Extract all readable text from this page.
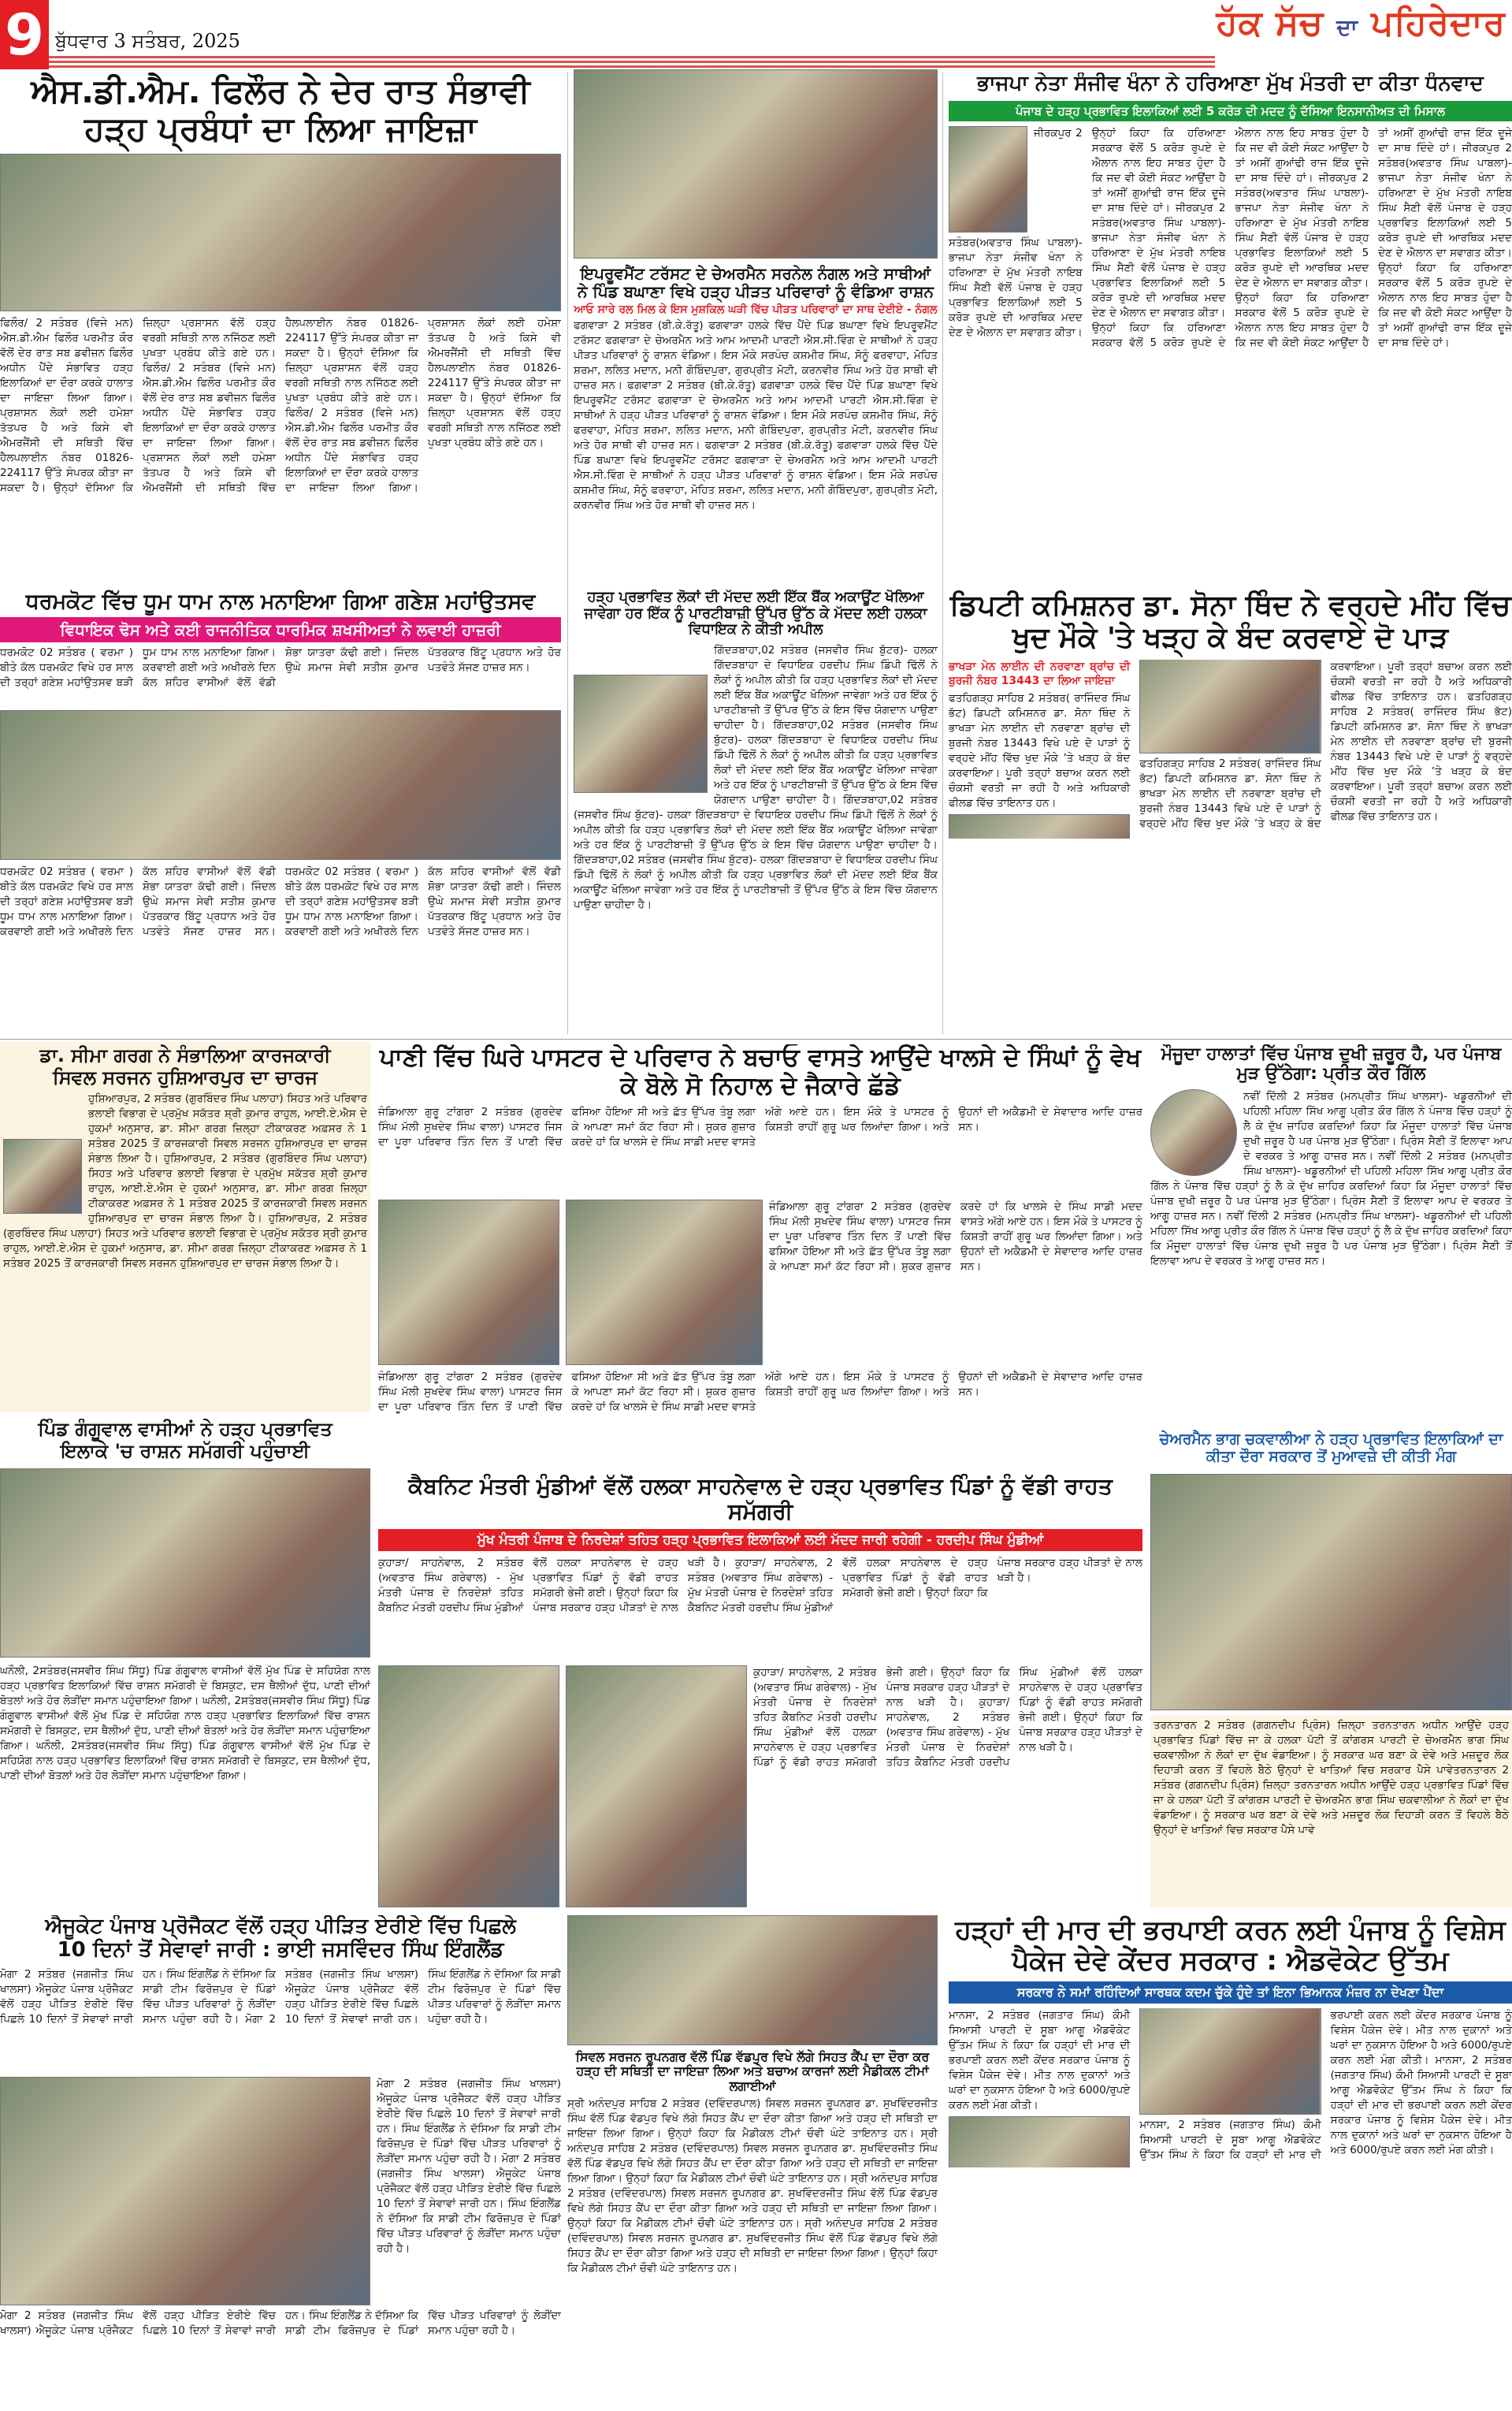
9 ਬੁੱਧਵਾਰ 3 ਸਤੰਬਰ, 2025	ਹੱਕ ਸੱਚ ਦਾ ਪਹਿਰੇਦਾਰ
ਐਸ.ਡੀ.ਐਮ. ਫਿਲੌਰ ਨੇ ਦੇਰ ਰਾਤ ਸੰਭਾਵੀ ਹੜ੍ਹ ਪ੍ਰਬੰਧਾਂ ਦਾ ਲਿਆ ਜਾਇਜ਼ਾ
ਫਿਲੌਰ/ 2 ਸਤੰਬਰ (ਵਿਜੇ ਮਨ) ਐਸ.ਡੀ.ਐਮ ਫਿਲੌਰ ਪਰਮੀਤ ਕੌਰ ਵੱਲੋਂ ਦੇਰ ਰਾਤ ਸਬ ਡਵੀਜ਼ਨ ਫਿਲੌਰ ਅਧੀਨ ਪੈਂਦੇ ਸੰਭਾਵਿਤ ਹੜ੍ਹ ਇਲਾਕਿਆਂ ਦਾ ਦੌਰਾ ਕਰਕੇ ਹਾਲਾਤ ਦਾ ਜਾਇਜ਼ਾ ਲਿਆ ਗਿਆ। ਪ੍ਰਸ਼ਾਸਨ ਲੋਕਾਂ ਲਈ ਹਮੇਸ਼ਾ ਤੱਤਪਰ ਹੈ ਅਤੇ ਕਿਸੇ ਵੀ ਐਮਰਜੈਂਸੀ ਦੀ ਸਥਿਤੀ ਵਿੱਚ ਹੈਲਪਲਾਈਨ ਨੰਬਰ 01826-224117 ਉੱਤੇ ਸੰਪਰਕ ਕੀਤਾ ਜਾ ਸਕਦਾ ਹੈ। ਉਨ੍ਹਾਂ ਦੱਸਿਆ ਕਿ ਜ਼ਿਲ੍ਹਾ ਪ੍ਰਸ਼ਾਸਨ ਵੱਲੋਂ ਹੜ੍ਹ ਵਰਗੀ ਸਥਿਤੀ ਨਾਲ ਨਜਿੱਠਣ ਲਈ ਪੁਖਤਾ ਪ੍ਰਬੰਧ ਕੀਤੇ ਗਏ ਹਨ। ਫਿਲੌਰ/ 2 ਸਤੰਬਰ (ਵਿਜੇ ਮਨ) ਐਸ.ਡੀ.ਐਮ ਫਿਲੌਰ ਪਰਮੀਤ ਕੌਰ ਵੱਲੋਂ ਦੇਰ ਰਾਤ ਸਬ ਡਵੀਜ਼ਨ ਫਿਲੌਰ ਅਧੀਨ ਪੈਂਦੇ ਸੰਭਾਵਿਤ ਹੜ੍ਹ ਇਲਾਕਿਆਂ ਦਾ ਦੌਰਾ ਕਰਕੇ ਹਾਲਾਤ ਦਾ ਜਾਇਜ਼ਾ ਲਿਆ ਗਿਆ। ਪ੍ਰਸ਼ਾਸਨ ਲੋਕਾਂ ਲਈ ਹਮੇਸ਼ਾ ਤੱਤਪਰ ਹੈ ਅਤੇ ਕਿਸੇ ਵੀ ਐਮਰਜੈਂਸੀ ਦੀ ਸਥਿਤੀ ਵਿੱਚ ਹੈਲਪਲਾਈਨ ਨੰਬਰ 01826-224117 ਉੱਤੇ ਸੰਪਰਕ ਕੀਤਾ ਜਾ ਸਕਦਾ ਹੈ। ਉਨ੍ਹਾਂ ਦੱਸਿਆ ਕਿ ਜ਼ਿਲ੍ਹਾ ਪ੍ਰਸ਼ਾਸਨ ਵੱਲੋਂ ਹੜ੍ਹ ਵਰਗੀ ਸਥਿਤੀ ਨਾਲ ਨਜਿੱਠਣ ਲਈ ਪੁਖਤਾ ਪ੍ਰਬੰਧ ਕੀਤੇ ਗਏ ਹਨ। ਫਿਲੌਰ/ 2 ਸਤੰਬਰ (ਵਿਜੇ ਮਨ) ਐਸ.ਡੀ.ਐਮ ਫਿਲੌਰ ਪਰਮੀਤ ਕੌਰ ਵੱਲੋਂ ਦੇਰ ਰਾਤ ਸਬ ਡਵੀਜ਼ਨ ਫਿਲੌਰ ਅਧੀਨ ਪੈਂਦੇ ਸੰਭਾਵਿਤ ਹੜ੍ਹ ਇਲਾਕਿਆਂ ਦਾ ਦੌਰਾ ਕਰਕੇ ਹਾਲਾਤ ਦਾ ਜਾਇਜ਼ਾ ਲਿਆ ਗਿਆ। ਪ੍ਰਸ਼ਾਸਨ ਲੋਕਾਂ ਲਈ ਹਮੇਸ਼ਾ ਤੱਤਪਰ ਹੈ ਅਤੇ ਕਿਸੇ ਵੀ ਐਮਰਜੈਂਸੀ ਦੀ ਸਥਿਤੀ ਵਿੱਚ ਹੈਲਪਲਾਈਨ ਨੰਬਰ 01826-224117 ਉੱਤੇ ਸੰਪਰਕ ਕੀਤਾ ਜਾ ਸਕਦਾ ਹੈ। ਉਨ੍ਹਾਂ ਦੱਸਿਆ ਕਿ ਜ਼ਿਲ੍ਹਾ ਪ੍ਰਸ਼ਾਸਨ ਵੱਲੋਂ ਹੜ੍ਹ ਵਰਗੀ ਸਥਿਤੀ ਨਾਲ ਨਜਿੱਠਣ ਲਈ ਪੁਖਤਾ ਪ੍ਰਬੰਧ ਕੀਤੇ ਗਏ ਹਨ।
ਇਪਰੂਵਮੈਂਟ ਟਰੱਸਟ ਦੇ ਚੇਅਰਮੈਨ ਸਰਨੇਲ ਨੰਗਲ ਅਤੇ ਸਾਥੀਆਂ ਨੇ ਪਿੰਡ ਬਘਾਣਾ ਵਿਖੇ ਹੜ੍ਹ ਪੀੜਤ ਪਰਿਵਾਰਾਂ ਨੂੰ ਵੰਡਿਆ ਰਾਸ਼ਨ
ਆਓ ਸਾਰੇ ਰਲ ਮਿਲ ਕੇ ਇਸ ਮੁਸ਼ਕਿਲ ਘੜੀ ਵਿੱਚ ਪੀੜਤ ਪਰਿਵਾਰਾਂ ਦਾ ਸਾਥ ਦੇਈਏ - ਨੰਗਲ
ਫਗਵਾੜਾ 2 ਸਤੰਬਰ (ਬੀ.ਕੇ.ਰੱਤੂ) ਫਗਵਾੜਾ ਹਲਕੇ ਵਿੱਚ ਪੈਂਦੇ ਪਿੰਡ ਬਘਾਣਾ ਵਿਖੇ ਇਪਰੂਵਮੈਂਟ ਟਰੱਸਟ ਫਗਵਾੜਾ ਦੇ ਚੇਅਰਮੈਨ ਅਤੇ ਆਮ ਆਦਮੀ ਪਾਰਟੀ ਐਸ.ਸੀ.ਵਿੰਗ ਦੇ ਸਾਥੀਆਂ ਨੇ ਹੜ੍ਹ ਪੀੜਤ ਪਰਿਵਾਰਾਂ ਨੂੰ ਰਾਸ਼ਨ ਵੰਡਿਆ। ਇਸ ਮੌਕੇ ਸਰਪੰਚ ਕਸ਼ਮੀਰ ਸਿੰਘ, ਸੋਨੂੰ ਫਰਵਾਹਾ, ਮੋਹਿਤ ਸ਼ਰਮਾ, ਲਲਿਤ ਮਦਾਨ, ਮਨੀ ਗੋਬਿੰਦਪੁਰਾ, ਗੁਰਪ੍ਰੀਤ ਮੋਟੀ, ਕਰਨਵੀਰ ਸਿੰਘ ਅਤੇ ਹੋਰ ਸਾਥੀ ਵੀ ਹਾਜ਼ਰ ਸਨ। ਫਗਵਾੜਾ 2 ਸਤੰਬਰ (ਬੀ.ਕੇ.ਰੱਤੂ) ਫਗਵਾੜਾ ਹਲਕੇ ਵਿੱਚ ਪੈਂਦੇ ਪਿੰਡ ਬਘਾਣਾ ਵਿਖੇ ਇਪਰੂਵਮੈਂਟ ਟਰੱਸਟ ਫਗਵਾੜਾ ਦੇ ਚੇਅਰਮੈਨ ਅਤੇ ਆਮ ਆਦਮੀ ਪਾਰਟੀ ਐਸ.ਸੀ.ਵਿੰਗ ਦੇ ਸਾਥੀਆਂ ਨੇ ਹੜ੍ਹ ਪੀੜਤ ਪਰਿਵਾਰਾਂ ਨੂੰ ਰਾਸ਼ਨ ਵੰਡਿਆ। ਇਸ ਮੌਕੇ ਸਰਪੰਚ ਕਸ਼ਮੀਰ ਸਿੰਘ, ਸੋਨੂੰ ਫਰਵਾਹਾ, ਮੋਹਿਤ ਸ਼ਰਮਾ, ਲਲਿਤ ਮਦਾਨ, ਮਨੀ ਗੋਬਿੰਦਪੁਰਾ, ਗੁਰਪ੍ਰੀਤ ਮੋਟੀ, ਕਰਨਵੀਰ ਸਿੰਘ ਅਤੇ ਹੋਰ ਸਾਥੀ ਵੀ ਹਾਜ਼ਰ ਸਨ। ਫਗਵਾੜਾ 2 ਸਤੰਬਰ (ਬੀ.ਕੇ.ਰੱਤੂ) ਫਗਵਾੜਾ ਹਲਕੇ ਵਿੱਚ ਪੈਂਦੇ ਪਿੰਡ ਬਘਾਣਾ ਵਿਖੇ ਇਪਰੂਵਮੈਂਟ ਟਰੱਸਟ ਫਗਵਾੜਾ ਦੇ ਚੇਅਰਮੈਨ ਅਤੇ ਆਮ ਆਦਮੀ ਪਾਰਟੀ ਐਸ.ਸੀ.ਵਿੰਗ ਦੇ ਸਾਥੀਆਂ ਨੇ ਹੜ੍ਹ ਪੀੜਤ ਪਰਿਵਾਰਾਂ ਨੂੰ ਰਾਸ਼ਨ ਵੰਡਿਆ। ਇਸ ਮੌਕੇ ਸਰਪੰਚ ਕਸ਼ਮੀਰ ਸਿੰਘ, ਸੋਨੂੰ ਫਰਵਾਹਾ, ਮੋਹਿਤ ਸ਼ਰਮਾ, ਲਲਿਤ ਮਦਾਨ, ਮਨੀ ਗੋਬਿੰਦਪੁਰਾ, ਗੁਰਪ੍ਰੀਤ ਮੋਟੀ, ਕਰਨਵੀਰ ਸਿੰਘ ਅਤੇ ਹੋਰ ਸਾਥੀ ਵੀ ਹਾਜ਼ਰ ਸਨ।
ਭਾਜਪਾ ਨੇਤਾ ਸੰਜੀਵ ਖੰਨਾ ਨੇ ਹਰਿਆਣਾ ਮੁੱਖ ਮੰਤਰੀ ਦਾ ਕੀਤਾ ਧੰਨਵਾਦ
ਪੰਜਾਬ ਦੇ ਹੜ੍ਹ ਪ੍ਰਭਾਵਿਤ ਇਲਾਕਿਆਂ ਲਈ 5 ਕਰੋੜ ਦੀ ਮਦਦ ਨੂੰ ਦੱਸਿਆ ਇਨਸਾਨੀਅਤ ਦੀ ਮਿਸਾਲ
ਜੀਰਕਪੁਰ 2 ਸਤੰਬਰ(ਅਵਤਾਰ ਸਿੰਘ ਪਾਬਲਾ)- ਭਾਜਪਾ ਨੇਤਾ ਸੰਜੀਵ ਖੰਨਾ ਨੇ ਹਰਿਆਣਾ ਦੇ ਮੁੱਖ ਮੰਤਰੀ ਨਾਇਬ ਸਿੰਘ ਸੈਣੀ ਵੱਲੋਂ ਪੰਜਾਬ ਦੇ ਹੜ੍ਹ ਪ੍ਰਭਾਵਿਤ ਇਲਾਕਿਆਂ ਲਈ 5 ਕਰੋੜ ਰੁਪਏ ਦੀ ਆਰਥਿਕ ਮਦਦ ਦੇਣ ਦੇ ਐਲਾਨ ਦਾ ਸਵਾਗਤ ਕੀਤਾ। ਉਨ੍ਹਾਂ ਕਿਹਾ ਕਿ ਹਰਿਆਣਾ ਸਰਕਾਰ ਵੱਲੋਂ 5 ਕਰੋੜ ਰੁਪਏ ਦੇ ਐਲਾਨ ਨਾਲ ਇਹ ਸਾਬਤ ਹੁੰਦਾ ਹੈ ਕਿ ਜਦ ਵੀ ਕੋਈ ਸੰਕਟ ਆਉਂਦਾ ਹੈ ਤਾਂ ਅਸੀਂ ਗੁਆਂਢੀ ਰਾਜ ਇੱਕ ਦੂਜੇ ਦਾ ਸਾਥ ਦਿੰਦੇ ਹਾਂ। ਜੀਰਕਪੁਰ 2 ਸਤੰਬਰ(ਅਵਤਾਰ ਸਿੰਘ ਪਾਬਲਾ)- ਭਾਜਪਾ ਨੇਤਾ ਸੰਜੀਵ ਖੰਨਾ ਨੇ ਹਰਿਆਣਾ ਦੇ ਮੁੱਖ ਮੰਤਰੀ ਨਾਇਬ ਸਿੰਘ ਸੈਣੀ ਵੱਲੋਂ ਪੰਜਾਬ ਦੇ ਹੜ੍ਹ ਪ੍ਰਭਾਵਿਤ ਇਲਾਕਿਆਂ ਲਈ 5 ਕਰੋੜ ਰੁਪਏ ਦੀ ਆਰਥਿਕ ਮਦਦ ਦੇਣ ਦੇ ਐਲਾਨ ਦਾ ਸਵਾਗਤ ਕੀਤਾ। ਉਨ੍ਹਾਂ ਕਿਹਾ ਕਿ ਹਰਿਆਣਾ ਸਰਕਾਰ ਵੱਲੋਂ 5 ਕਰੋੜ ਰੁਪਏ ਦੇ ਐਲਾਨ ਨਾਲ ਇਹ ਸਾਬਤ ਹੁੰਦਾ ਹੈ ਕਿ ਜਦ ਵੀ ਕੋਈ ਸੰਕਟ ਆਉਂਦਾ ਹੈ ਤਾਂ ਅਸੀਂ ਗੁਆਂਢੀ ਰਾਜ ਇੱਕ ਦੂਜੇ ਦਾ ਸਾਥ ਦਿੰਦੇ ਹਾਂ। ਜੀਰਕਪੁਰ 2 ਸਤੰਬਰ(ਅਵਤਾਰ ਸਿੰਘ ਪਾਬਲਾ)- ਭਾਜਪਾ ਨੇਤਾ ਸੰਜੀਵ ਖੰਨਾ ਨੇ ਹਰਿਆਣਾ ਦੇ ਮੁੱਖ ਮੰਤਰੀ ਨਾਇਬ ਸਿੰਘ ਸੈਣੀ ਵੱਲੋਂ ਪੰਜਾਬ ਦੇ ਹੜ੍ਹ ਪ੍ਰਭਾਵਿਤ ਇਲਾਕਿਆਂ ਲਈ 5 ਕਰੋੜ ਰੁਪਏ ਦੀ ਆਰਥਿਕ ਮਦਦ ਦੇਣ ਦੇ ਐਲਾਨ ਦਾ ਸਵਾਗਤ ਕੀਤਾ। ਉਨ੍ਹਾਂ ਕਿਹਾ ਕਿ ਹਰਿਆਣਾ ਸਰਕਾਰ ਵੱਲੋਂ 5 ਕਰੋੜ ਰੁਪਏ ਦੇ ਐਲਾਨ ਨਾਲ ਇਹ ਸਾਬਤ ਹੁੰਦਾ ਹੈ ਕਿ ਜਦ ਵੀ ਕੋਈ ਸੰਕਟ ਆਉਂਦਾ ਹੈ ਤਾਂ ਅਸੀਂ ਗੁਆਂਢੀ ਰਾਜ ਇੱਕ ਦੂਜੇ ਦਾ ਸਾਥ ਦਿੰਦੇ ਹਾਂ। ਜੀਰਕਪੁਰ 2 ਸਤੰਬਰ(ਅਵਤਾਰ ਸਿੰਘ ਪਾਬਲਾ)- ਭਾਜਪਾ ਨੇਤਾ ਸੰਜੀਵ ਖੰਨਾ ਨੇ ਹਰਿਆਣਾ ਦੇ ਮੁੱਖ ਮੰਤਰੀ ਨਾਇਬ ਸਿੰਘ ਸੈਣੀ ਵੱਲੋਂ ਪੰਜਾਬ ਦੇ ਹੜ੍ਹ ਪ੍ਰਭਾਵਿਤ ਇਲਾਕਿਆਂ ਲਈ 5 ਕਰੋੜ ਰੁਪਏ ਦੀ ਆਰਥਿਕ ਮਦਦ ਦੇਣ ਦੇ ਐਲਾਨ ਦਾ ਸਵਾਗਤ ਕੀਤਾ। ਉਨ੍ਹਾਂ ਕਿਹਾ ਕਿ ਹਰਿਆਣਾ ਸਰਕਾਰ ਵੱਲੋਂ 5 ਕਰੋੜ ਰੁਪਏ ਦੇ ਐਲਾਨ ਨਾਲ ਇਹ ਸਾਬਤ ਹੁੰਦਾ ਹੈ ਕਿ ਜਦ ਵੀ ਕੋਈ ਸੰਕਟ ਆਉਂਦਾ ਹੈ ਤਾਂ ਅਸੀਂ ਗੁਆਂਢੀ ਰਾਜ ਇੱਕ ਦੂਜੇ ਦਾ ਸਾਥ ਦਿੰਦੇ ਹਾਂ।
ਧਰਮਕੋਟ ਵਿੱਚ ਧੂਮ ਧਾਮ ਨਾਲ ਮਨਾਇਆ ਗਿਆ ਗਣੇਸ਼ ਮਹਾਂਉਤਸਵ
ਵਿਧਾਇਕ ਢੋਸ ਅਤੇ ਕਈ ਰਾਜਨੀਤਿਕ ਧਾਰਮਿਕ ਸ਼ਖਸੀਅਤਾਂ ਨੇ ਲਵਾਈ ਹਾਜ਼ਰੀ
ਧਰਮਕੋਟ 02 ਸਤੰਬਰ ( ਵਰਮਾ ) ਬੀਤੇ ਕੱਲ ਧਰਮਕੋਟ ਵਿਖੇ ਹਰ ਸਾਲ ਦੀ ਤਰ੍ਹਾਂ ਗਣੇਸ਼ ਮਹਾਂਉਤਸਵ ਬੜੀ ਧੂਮ ਧਾਮ ਨਾਲ ਮਨਾਇਆ ਗਿਆ। ਕਰਵਾਈ ਗਈ ਅਤੇ ਅਖੀਰਲੇ ਦਿਨ ਕੱਲ ਸ਼ਹਿਰ ਵਾਸੀਆਂ ਵੱਲੋਂ ਵੱਡੀ ਸ਼ੋਭਾ ਯਾਤਰਾ ਕੱਢੀ ਗਈ। ਜਿੰਦਲ ਉਘੇ ਸਮਾਜ ਸੇਵੀ ਸਤੀਸ਼ ਕੁਮਾਰ ਪੱਤਰਕਾਰ ਬਿੱਟੂ ਪ੍ਰਧਾਨ ਅਤੇ ਹੋਰ ਪਤਵੰਤੇ ਸੱਜਣ ਹਾਜ਼ਰ ਸਨ।
ਧਰਮਕੋਟ 02 ਸਤੰਬਰ ( ਵਰਮਾ ) ਬੀਤੇ ਕੱਲ ਧਰਮਕੋਟ ਵਿਖੇ ਹਰ ਸਾਲ ਦੀ ਤਰ੍ਹਾਂ ਗਣੇਸ਼ ਮਹਾਂਉਤਸਵ ਬੜੀ ਧੂਮ ਧਾਮ ਨਾਲ ਮਨਾਇਆ ਗਿਆ। ਕਰਵਾਈ ਗਈ ਅਤੇ ਅਖੀਰਲੇ ਦਿਨ ਕੱਲ ਸ਼ਹਿਰ ਵਾਸੀਆਂ ਵੱਲੋਂ ਵੱਡੀ ਸ਼ੋਭਾ ਯਾਤਰਾ ਕੱਢੀ ਗਈ। ਜਿੰਦਲ ਉਘੇ ਸਮਾਜ ਸੇਵੀ ਸਤੀਸ਼ ਕੁਮਾਰ ਪੱਤਰਕਾਰ ਬਿੱਟੂ ਪ੍ਰਧਾਨ ਅਤੇ ਹੋਰ ਪਤਵੰਤੇ ਸੱਜਣ ਹਾਜ਼ਰ ਸਨ। ਧਰਮਕੋਟ 02 ਸਤੰਬਰ ( ਵਰਮਾ ) ਬੀਤੇ ਕੱਲ ਧਰਮਕੋਟ ਵਿਖੇ ਹਰ ਸਾਲ ਦੀ ਤਰ੍ਹਾਂ ਗਣੇਸ਼ ਮਹਾਂਉਤਸਵ ਬੜੀ ਧੂਮ ਧਾਮ ਨਾਲ ਮਨਾਇਆ ਗਿਆ। ਕਰਵਾਈ ਗਈ ਅਤੇ ਅਖੀਰਲੇ ਦਿਨ ਕੱਲ ਸ਼ਹਿਰ ਵਾਸੀਆਂ ਵੱਲੋਂ ਵੱਡੀ ਸ਼ੋਭਾ ਯਾਤਰਾ ਕੱਢੀ ਗਈ। ਜਿੰਦਲ ਉਘੇ ਸਮਾਜ ਸੇਵੀ ਸਤੀਸ਼ ਕੁਮਾਰ ਪੱਤਰਕਾਰ ਬਿੱਟੂ ਪ੍ਰਧਾਨ ਅਤੇ ਹੋਰ ਪਤਵੰਤੇ ਸੱਜਣ ਹਾਜ਼ਰ ਸਨ।
ਹੜ੍ਹ ਪ੍ਰਭਾਵਿਤ ਲੋਕਾਂ ਦੀ ਮੱਦਦ ਲਈ ਇੱਕ ਬੈਂਕ ਅਕਾਊਂਟ ਖੋਲਿਆ ਜਾਵੇਗਾ ਹਰ ਇੱਕ ਨੂੰ ਪਾਰਟੀਬਾਜ਼ੀ ਉੱਪਰ ਉੱਠ ਕੇ ਮੱਦਦ ਲਈ ਹਲਕਾ ਵਿਧਾਇਕ ਨੇ ਕੀਤੀ ਅਪੀਲ
ਗਿੱਦੜਬਾਹਾ,02 ਸਤੰਬਰ (ਜਸਵੀਰ ਸਿੰਘ ਬੁੱਟਰ)- ਹਲਕਾ ਗਿੱਦੜਬਾਹਾ ਦੇ ਵਿਧਾਇਕ ਹਰਦੀਪ ਸਿੰਘ ਡਿੰਪੀ ਢਿੱਲੋਂ ਨੇ ਲੋਕਾਂ ਨੂੰ ਅਪੀਲ ਕੀਤੀ ਕਿ ਹੜ੍ਹ ਪ੍ਰਭਾਵਿਤ ਲੋਕਾਂ ਦੀ ਮੱਦਦ ਲਈ ਇੱਕ ਬੈਂਕ ਅਕਾਊਂਟ ਖੋਲਿਆ ਜਾਵੇਗਾ ਅਤੇ ਹਰ ਇੱਕ ਨੂੰ ਪਾਰਟੀਬਾਜ਼ੀ ਤੋਂ ਉੱਪਰ ਉੱਠ ਕੇ ਇਸ ਵਿੱਚ ਯੋਗਦਾਨ ਪਾਉਣਾ ਚਾਹੀਦਾ ਹੈ। ਗਿੱਦੜਬਾਹਾ,02 ਸਤੰਬਰ (ਜਸਵੀਰ ਸਿੰਘ ਬੁੱਟਰ)- ਹਲਕਾ ਗਿੱਦੜਬਾਹਾ ਦੇ ਵਿਧਾਇਕ ਹਰਦੀਪ ਸਿੰਘ ਡਿੰਪੀ ਢਿੱਲੋਂ ਨੇ ਲੋਕਾਂ ਨੂੰ ਅਪੀਲ ਕੀਤੀ ਕਿ ਹੜ੍ਹ ਪ੍ਰਭਾਵਿਤ ਲੋਕਾਂ ਦੀ ਮੱਦਦ ਲਈ ਇੱਕ ਬੈਂਕ ਅਕਾਊਂਟ ਖੋਲਿਆ ਜਾਵੇਗਾ ਅਤੇ ਹਰ ਇੱਕ ਨੂੰ ਪਾਰਟੀਬਾਜ਼ੀ ਤੋਂ ਉੱਪਰ ਉੱਠ ਕੇ ਇਸ ਵਿੱਚ ਯੋਗਦਾਨ ਪਾਉਣਾ ਚਾਹੀਦਾ ਹੈ। ਗਿੱਦੜਬਾਹਾ,02 ਸਤੰਬਰ (ਜਸਵੀਰ ਸਿੰਘ ਬੁੱਟਰ)- ਹਲਕਾ ਗਿੱਦੜਬਾਹਾ ਦੇ ਵਿਧਾਇਕ ਹਰਦੀਪ ਸਿੰਘ ਡਿੰਪੀ ਢਿੱਲੋਂ ਨੇ ਲੋਕਾਂ ਨੂੰ ਅਪੀਲ ਕੀਤੀ ਕਿ ਹੜ੍ਹ ਪ੍ਰਭਾਵਿਤ ਲੋਕਾਂ ਦੀ ਮੱਦਦ ਲਈ ਇੱਕ ਬੈਂਕ ਅਕਾਊਂਟ ਖੋਲਿਆ ਜਾਵੇਗਾ ਅਤੇ ਹਰ ਇੱਕ ਨੂੰ ਪਾਰਟੀਬਾਜ਼ੀ ਤੋਂ ਉੱਪਰ ਉੱਠ ਕੇ ਇਸ ਵਿੱਚ ਯੋਗਦਾਨ ਪਾਉਣਾ ਚਾਹੀਦਾ ਹੈ। ਗਿੱਦੜਬਾਹਾ,02 ਸਤੰਬਰ (ਜਸਵੀਰ ਸਿੰਘ ਬੁੱਟਰ)- ਹਲਕਾ ਗਿੱਦੜਬਾਹਾ ਦੇ ਵਿਧਾਇਕ ਹਰਦੀਪ ਸਿੰਘ ਡਿੰਪੀ ਢਿੱਲੋਂ ਨੇ ਲੋਕਾਂ ਨੂੰ ਅਪੀਲ ਕੀਤੀ ਕਿ ਹੜ੍ਹ ਪ੍ਰਭਾਵਿਤ ਲੋਕਾਂ ਦੀ ਮੱਦਦ ਲਈ ਇੱਕ ਬੈਂਕ ਅਕਾਊਂਟ ਖੋਲਿਆ ਜਾਵੇਗਾ ਅਤੇ ਹਰ ਇੱਕ ਨੂੰ ਪਾਰਟੀਬਾਜ਼ੀ ਤੋਂ ਉੱਪਰ ਉੱਠ ਕੇ ਇਸ ਵਿੱਚ ਯੋਗਦਾਨ ਪਾਉਣਾ ਚਾਹੀਦਾ ਹੈ।
ਡਿਪਟੀ ਕਮਿਸ਼ਨਰ ਡਾ. ਸੋਨਾ ਥਿੰਦ ਨੇ ਵਰ੍ਹਦੇ ਮੀਂਹ ਵਿੱਚ ਖੁਦ ਮੌਕੇ 'ਤੇ ਖੜ੍ਹ ਕੇ ਬੰਦ ਕਰਵਾਏ ਦੋ ਪਾੜ
ਭਾਖੜਾ ਮੇਨ ਲਾਈਨ ਦੀ ਨਰਵਾਣਾ ਬ੍ਰਾਂਚ ਦੀ ਬੁਰਜੀ ਨੰਬਰ 13443 ਦਾ ਲਿਆ ਜਾਇਜ਼ਾ
ਫਤਹਿਗੜ੍ਹ ਸਾਹਿਬ 2 ਸਤੰਬਰ( ਰਾਜਿੰਦਰ ਸਿੰਘ ਭੱਟ) ਡਿਪਟੀ ਕਮਿਸ਼ਨਰ ਡਾ. ਸੋਨਾ ਥਿੰਦ ਨੇ ਭਾਖੜਾ ਮੇਨ ਲਾਈਨ ਦੀ ਨਰਵਾਣਾ ਬ੍ਰਾਂਚ ਦੀ ਬੁਰਜੀ ਨੰਬਰ 13443 ਵਿਖੇ ਪਏ ਦੋ ਪਾੜਾਂ ਨੂੰ ਵਰ੍ਹਦੇ ਮੀਂਹ ਵਿੱਚ ਖੁਦ ਮੌਕੇ ’ਤੇ ਖੜ੍ਹ ਕੇ ਬੰਦ ਕਰਵਾਇਆ। ਪੂਰੀ ਤਰ੍ਹਾਂ ਬਚਾਅ ਕਰਨ ਲਈ ਚੌਕਸੀ ਵਰਤੀ ਜਾ ਰਹੀ ਹੈ ਅਤੇ ਅਧਿਕਾਰੀ ਫੀਲਡ ਵਿੱਚ ਤਾਇਨਾਤ ਹਨ।
ਫਤਹਿਗੜ੍ਹ ਸਾਹਿਬ 2 ਸਤੰਬਰ( ਰਾਜਿੰਦਰ ਸਿੰਘ ਭੱਟ) ਡਿਪਟੀ ਕਮਿਸ਼ਨਰ ਡਾ. ਸੋਨਾ ਥਿੰਦ ਨੇ ਭਾਖੜਾ ਮੇਨ ਲਾਈਨ ਦੀ ਨਰਵਾਣਾ ਬ੍ਰਾਂਚ ਦੀ ਬੁਰਜੀ ਨੰਬਰ 13443 ਵਿਖੇ ਪਏ ਦੋ ਪਾੜਾਂ ਨੂੰ ਵਰ੍ਹਦੇ ਮੀਂਹ ਵਿੱਚ ਖੁਦ ਮੌਕੇ ’ਤੇ ਖੜ੍ਹ ਕੇ ਬੰਦ ਕਰਵਾਇਆ। ਪੂਰੀ ਤਰ੍ਹਾਂ ਬਚਾਅ ਕਰਨ ਲਈ ਚੌਕਸੀ ਵਰਤੀ ਜਾ ਰਹੀ ਹੈ ਅਤੇ ਅਧਿਕਾਰੀ ਫੀਲਡ ਵਿੱਚ ਤਾਇਨਾਤ ਹਨ। ਫਤਹਿਗੜ੍ਹ ਸਾਹਿਬ 2 ਸਤੰਬਰ( ਰਾਜਿੰਦਰ ਸਿੰਘ ਭੱਟ) ਡਿਪਟੀ ਕਮਿਸ਼ਨਰ ਡਾ. ਸੋਨਾ ਥਿੰਦ ਨੇ ਭਾਖੜਾ ਮੇਨ ਲਾਈਨ ਦੀ ਨਰਵਾਣਾ ਬ੍ਰਾਂਚ ਦੀ ਬੁਰਜੀ ਨੰਬਰ 13443 ਵਿਖੇ ਪਏ ਦੋ ਪਾੜਾਂ ਨੂੰ ਵਰ੍ਹਦੇ ਮੀਂਹ ਵਿੱਚ ਖੁਦ ਮੌਕੇ ’ਤੇ ਖੜ੍ਹ ਕੇ ਬੰਦ ਕਰਵਾਇਆ। ਪੂਰੀ ਤਰ੍ਹਾਂ ਬਚਾਅ ਕਰਨ ਲਈ ਚੌਕਸੀ ਵਰਤੀ ਜਾ ਰਹੀ ਹੈ ਅਤੇ ਅਧਿਕਾਰੀ ਫੀਲਡ ਵਿੱਚ ਤਾਇਨਾਤ ਹਨ।
ਡਾ. ਸੀਮਾ ਗਰਗ ਨੇ ਸੰਭਾਲਿਆ ਕਾਰਜਕਾਰੀ
ਸਿਵਲ ਸਰਜਨ ਹੁਸ਼ਿਆਰਪੁਰ ਦਾ ਚਾਰਜ
ਹੁਸ਼ਿਆਰਪੁਰ, 2 ਸਤੰਬਰ (ਗੁਰਬਿੰਦਰ ਸਿੰਘ ਪਲਾਹਾ) ਸਿਹਤ ਅਤੇ ਪਰਿਵਾਰ ਭਲਾਈ ਵਿਭਾਗ ਦੇ ਪ੍ਰਮੁੱਖ ਸਕੱਤਰ ਸ਼੍ਰੀ ਕੁਮਾਰ ਰਾਹੁਲ, ਆਈ.ਏ.ਐਸ ਦੇ ਹੁਕਮਾਂ ਅਨੁਸਾਰ, ਡਾ. ਸੀਮਾ ਗਰਗ ਜ਼ਿਲ੍ਹਾ ਟੀਕਾਕਰਣ ਅਫ਼ਸਰ ਨੇ 1 ਸਤੰਬਰ 2025 ਤੋਂ ਕਾਰਜਕਾਰੀ ਸਿਵਲ ਸਰਜਨ ਹੁਸ਼ਿਆਰਪੁਰ ਦਾ ਚਾਰਜ ਸੰਭਾਲ ਲਿਆ ਹੈ। ਹੁਸ਼ਿਆਰਪੁਰ, 2 ਸਤੰਬਰ (ਗੁਰਬਿੰਦਰ ਸਿੰਘ ਪਲਾਹਾ) ਸਿਹਤ ਅਤੇ ਪਰਿਵਾਰ ਭਲਾਈ ਵਿਭਾਗ ਦੇ ਪ੍ਰਮੁੱਖ ਸਕੱਤਰ ਸ਼੍ਰੀ ਕੁਮਾਰ ਰਾਹੁਲ, ਆਈ.ਏ.ਐਸ ਦੇ ਹੁਕਮਾਂ ਅਨੁਸਾਰ, ਡਾ. ਸੀਮਾ ਗਰਗ ਜ਼ਿਲ੍ਹਾ ਟੀਕਾਕਰਣ ਅਫ਼ਸਰ ਨੇ 1 ਸਤੰਬਰ 2025 ਤੋਂ ਕਾਰਜਕਾਰੀ ਸਿਵਲ ਸਰਜਨ ਹੁਸ਼ਿਆਰਪੁਰ ਦਾ ਚਾਰਜ ਸੰਭਾਲ ਲਿਆ ਹੈ। ਹੁਸ਼ਿਆਰਪੁਰ, 2 ਸਤੰਬਰ (ਗੁਰਬਿੰਦਰ ਸਿੰਘ ਪਲਾਹਾ) ਸਿਹਤ ਅਤੇ ਪਰਿਵਾਰ ਭਲਾਈ ਵਿਭਾਗ ਦੇ ਪ੍ਰਮੁੱਖ ਸਕੱਤਰ ਸ਼੍ਰੀ ਕੁਮਾਰ ਰਾਹੁਲ, ਆਈ.ਏ.ਐਸ ਦੇ ਹੁਕਮਾਂ ਅਨੁਸਾਰ, ਡਾ. ਸੀਮਾ ਗਰਗ ਜ਼ਿਲ੍ਹਾ ਟੀਕਾਕਰਣ ਅਫ਼ਸਰ ਨੇ 1 ਸਤੰਬਰ 2025 ਤੋਂ ਕਾਰਜਕਾਰੀ ਸਿਵਲ ਸਰਜਨ ਹੁਸ਼ਿਆਰਪੁਰ ਦਾ ਚਾਰਜ ਸੰਭਾਲ ਲਿਆ ਹੈ।
ਪਾਣੀ ਵਿੱਚ ਘਿਰੇ ਪਾਸਟਰ ਦੇ ਪਰਿਵਾਰ ਨੇ ਬਚਾਓ ਵਾਸਤੇ ਆਉਂਦੇ ਖਾਲਸੇ ਦੇ ਸਿੰਘਾਂ ਨੂੰ ਵੇਖ ਕੇ ਬੋਲੇ ਸੋ ਨਿਹਾਲ ਦੇ ਜੈਕਾਰੇ ਛੱਡੇ
ਜੰਡਿਆਲਾ ਗੁਰੂ ਟਾਂਗਰਾ 2 ਸਤੰਬਰ (ਗੁਰਦੇਵ ਸਿੰਘ ਮੱਲੀ ਸੁਖਦੇਵ ਸਿੰਘ ਵਾਲਾ) ਪਾਸਟਰ ਜਿਸ ਦਾ ਪੂਰਾ ਪਰਿਵਾਰ ਤਿੰਨ ਦਿਨ ਤੋਂ ਪਾਣੀ ਵਿੱਚ ਫਸਿਆ ਹੋਇਆ ਸੀ ਅਤੇ ਛੱਤ ਉੱਪਰ ਤੰਬੂ ਲਗਾ ਕੇ ਆਪਣਾ ਸਮਾਂ ਕੱਟ ਰਿਹਾ ਸੀ। ਸ਼ੁਕਰ ਗੁਜ਼ਾਰ ਕਰਦੇ ਹਾਂ ਕਿ ਖਾਲਸੇ ਦੇ ਸਿੰਘ ਸਾਡੀ ਮਦਦ ਵਾਸਤੇ ਅੱਗੇ ਆਏ ਹਨ। ਇਸ ਮੌਕੇ ਤੇ ਪਾਸਟਰ ਨੂੰ ਕਿਸ਼ਤੀ ਰਾਹੀਂ ਗੁਰੂ ਘਰ ਲਿਆਂਦਾ ਗਿਆ। ਅਤੇ ਉਹਨਾਂ ਦੀ ਅਕੈਡਮੀ ਦੇ ਸੇਵਾਦਾਰ ਆਦਿ ਹਾਜ਼ਰ ਸਨ।
ਜੰਡਿਆਲਾ ਗੁਰੂ ਟਾਂਗਰਾ 2 ਸਤੰਬਰ (ਗੁਰਦੇਵ ਸਿੰਘ ਮੱਲੀ ਸੁਖਦੇਵ ਸਿੰਘ ਵਾਲਾ) ਪਾਸਟਰ ਜਿਸ ਦਾ ਪੂਰਾ ਪਰਿਵਾਰ ਤਿੰਨ ਦਿਨ ਤੋਂ ਪਾਣੀ ਵਿੱਚ ਫਸਿਆ ਹੋਇਆ ਸੀ ਅਤੇ ਛੱਤ ਉੱਪਰ ਤੰਬੂ ਲਗਾ ਕੇ ਆਪਣਾ ਸਮਾਂ ਕੱਟ ਰਿਹਾ ਸੀ। ਸ਼ੁਕਰ ਗੁਜ਼ਾਰ ਕਰਦੇ ਹਾਂ ਕਿ ਖਾਲਸੇ ਦੇ ਸਿੰਘ ਸਾਡੀ ਮਦਦ ਵਾਸਤੇ ਅੱਗੇ ਆਏ ਹਨ। ਇਸ ਮੌਕੇ ਤੇ ਪਾਸਟਰ ਨੂੰ ਕਿਸ਼ਤੀ ਰਾਹੀਂ ਗੁਰੂ ਘਰ ਲਿਆਂਦਾ ਗਿਆ। ਅਤੇ ਉਹਨਾਂ ਦੀ ਅਕੈਡਮੀ ਦੇ ਸੇਵਾਦਾਰ ਆਦਿ ਹਾਜ਼ਰ ਸਨ।
ਜੰਡਿਆਲਾ ਗੁਰੂ ਟਾਂਗਰਾ 2 ਸਤੰਬਰ (ਗੁਰਦੇਵ ਸਿੰਘ ਮੱਲੀ ਸੁਖਦੇਵ ਸਿੰਘ ਵਾਲਾ) ਪਾਸਟਰ ਜਿਸ ਦਾ ਪੂਰਾ ਪਰਿਵਾਰ ਤਿੰਨ ਦਿਨ ਤੋਂ ਪਾਣੀ ਵਿੱਚ ਫਸਿਆ ਹੋਇਆ ਸੀ ਅਤੇ ਛੱਤ ਉੱਪਰ ਤੰਬੂ ਲਗਾ ਕੇ ਆਪਣਾ ਸਮਾਂ ਕੱਟ ਰਿਹਾ ਸੀ। ਸ਼ੁਕਰ ਗੁਜ਼ਾਰ ਕਰਦੇ ਹਾਂ ਕਿ ਖਾਲਸੇ ਦੇ ਸਿੰਘ ਸਾਡੀ ਮਦਦ ਵਾਸਤੇ ਅੱਗੇ ਆਏ ਹਨ। ਇਸ ਮੌਕੇ ਤੇ ਪਾਸਟਰ ਨੂੰ ਕਿਸ਼ਤੀ ਰਾਹੀਂ ਗੁਰੂ ਘਰ ਲਿਆਂਦਾ ਗਿਆ। ਅਤੇ ਉਹਨਾਂ ਦੀ ਅਕੈਡਮੀ ਦੇ ਸੇਵਾਦਾਰ ਆਦਿ ਹਾਜ਼ਰ ਸਨ।
ਮੌਜੂਦਾ ਹਾਲਾਤਾਂ ਵਿੱਚ ਪੰਜਾਬ ਦੁਖੀ ਜ਼ਰੂਰ ਹੈ, ਪਰ ਪੰਜਾਬ ਮੁੜ ਉੱਠੇਗਾ: ਪ੍ਰੀਤ ਕੌਰ ਗਿੱਲ
ਨਵੀਂ ਦਿੱਲੀ 2 ਸਤੰਬਰ (ਮਨਪ੍ਰੀਤ ਸਿੰਘ ਖਾਲਸਾ)- ਖਡੂਰਨੀਆਂ ਦੀ ਪਹਿਲੀ ਮਹਿਲਾ ਸਿੱਖ ਆਗੂ ਪ੍ਰੀਤ ਕੌਰ ਗਿੱਲ ਨੇ ਪੰਜਾਬ ਵਿੱਚ ਹੜ੍ਹਾਂ ਨੂੰ ਲੈ ਕੇ ਦੁੱਖ ਜ਼ਾਹਿਰ ਕਰਦਿਆਂ ਕਿਹਾ ਕਿ ਮੌਜੂਦਾ ਹਾਲਾਤਾਂ ਵਿੱਚ ਪੰਜਾਬ ਦੁਖੀ ਜ਼ਰੂਰ ਹੈ ਪਰ ਪੰਜਾਬ ਮੁੜ ਉੱਠੇਗਾ। ਪ੍ਰਿੰਸ ਸੈਣੀ ਤੋਂ ਇਲਾਵਾ ਆਪ ਦੇ ਵਰਕਰ ਤੇ ਆਗੂ ਹਾਜ਼ਰ ਸਨ। ਨਵੀਂ ਦਿੱਲੀ 2 ਸਤੰਬਰ (ਮਨਪ੍ਰੀਤ ਸਿੰਘ ਖਾਲਸਾ)- ਖਡੂਰਨੀਆਂ ਦੀ ਪਹਿਲੀ ਮਹਿਲਾ ਸਿੱਖ ਆਗੂ ਪ੍ਰੀਤ ਕੌਰ ਗਿੱਲ ਨੇ ਪੰਜਾਬ ਵਿੱਚ ਹੜ੍ਹਾਂ ਨੂੰ ਲੈ ਕੇ ਦੁੱਖ ਜ਼ਾਹਿਰ ਕਰਦਿਆਂ ਕਿਹਾ ਕਿ ਮੌਜੂਦਾ ਹਾਲਾਤਾਂ ਵਿੱਚ ਪੰਜਾਬ ਦੁਖੀ ਜ਼ਰੂਰ ਹੈ ਪਰ ਪੰਜਾਬ ਮੁੜ ਉੱਠੇਗਾ। ਪ੍ਰਿੰਸ ਸੈਣੀ ਤੋਂ ਇਲਾਵਾ ਆਪ ਦੇ ਵਰਕਰ ਤੇ ਆਗੂ ਹਾਜ਼ਰ ਸਨ। ਨਵੀਂ ਦਿੱਲੀ 2 ਸਤੰਬਰ (ਮਨਪ੍ਰੀਤ ਸਿੰਘ ਖਾਲਸਾ)- ਖਡੂਰਨੀਆਂ ਦੀ ਪਹਿਲੀ ਮਹਿਲਾ ਸਿੱਖ ਆਗੂ ਪ੍ਰੀਤ ਕੌਰ ਗਿੱਲ ਨੇ ਪੰਜਾਬ ਵਿੱਚ ਹੜ੍ਹਾਂ ਨੂੰ ਲੈ ਕੇ ਦੁੱਖ ਜ਼ਾਹਿਰ ਕਰਦਿਆਂ ਕਿਹਾ ਕਿ ਮੌਜੂਦਾ ਹਾਲਾਤਾਂ ਵਿੱਚ ਪੰਜਾਬ ਦੁਖੀ ਜ਼ਰੂਰ ਹੈ ਪਰ ਪੰਜਾਬ ਮੁੜ ਉੱਠੇਗਾ। ਪ੍ਰਿੰਸ ਸੈਣੀ ਤੋਂ ਇਲਾਵਾ ਆਪ ਦੇ ਵਰਕਰ ਤੇ ਆਗੂ ਹਾਜ਼ਰ ਸਨ।
ਚੇਅਰਮੈਨ ਭਾਗ ਚਕਵਾਲੀਆ ਨੇ ਹੜ੍ਹ ਪ੍ਰਭਾਵਿਤ ਇਲਾਕਿਆਂ ਦਾ ਕੀਤਾ ਦੌਰਾ ਸਰਕਾਰ ਤੋਂ ਮੁਆਵਜ਼ੇ ਦੀ ਕੀਤੀ ਮੰਗ
ਪਿੰਡ ਗੰਗੂਵਾਲ ਵਾਸੀਆਂ ਨੇ ਹੜ੍ਹ ਪ੍ਰਭਾਵਿਤ
ਇਲਾਕੇ 'ਚ ਰਾਸ਼ਨ ਸਮੱਗਰੀ ਪਹੁੰਚਾਈ
ਘਨੌਲੀ, 2ਸਤੰਬਰ(ਜਸਵੀਰ ਸਿੰਘ ਸਿੱਧੂ) ਪਿੰਡ ਗੰਗੂਵਾਲ ਵਾਸੀਆਂ ਵੱਲੋਂ ਮੁੱਖ ਪਿੰਡ ਦੇ ਸਹਿਯੋਗ ਨਾਲ ਹੜ੍ਹ ਪ੍ਰਭਾਵਿਤ ਇਲਾਕਿਆਂ ਵਿੱਚ ਰਾਸ਼ਨ ਸਮੱਗਰੀ ਦੇ ਬਿਸਕੁਟ, ਦਸ ਥੈਲੀਆਂ ਦੁੱਧ, ਪਾਣੀ ਦੀਆਂ ਬੋਤਲਾਂ ਅਤੇ ਹੋਰ ਲੋੜੀਂਦਾ ਸਮਾਨ ਪਹੁੰਚਾਇਆ ਗਿਆ। ਘਨੌਲੀ, 2ਸਤੰਬਰ(ਜਸਵੀਰ ਸਿੰਘ ਸਿੱਧੂ) ਪਿੰਡ ਗੰਗੂਵਾਲ ਵਾਸੀਆਂ ਵੱਲੋਂ ਮੁੱਖ ਪਿੰਡ ਦੇ ਸਹਿਯੋਗ ਨਾਲ ਹੜ੍ਹ ਪ੍ਰਭਾਵਿਤ ਇਲਾਕਿਆਂ ਵਿੱਚ ਰਾਸ਼ਨ ਸਮੱਗਰੀ ਦੇ ਬਿਸਕੁਟ, ਦਸ ਥੈਲੀਆਂ ਦੁੱਧ, ਪਾਣੀ ਦੀਆਂ ਬੋਤਲਾਂ ਅਤੇ ਹੋਰ ਲੋੜੀਂਦਾ ਸਮਾਨ ਪਹੁੰਚਾਇਆ ਗਿਆ। ਘਨੌਲੀ, 2ਸਤੰਬਰ(ਜਸਵੀਰ ਸਿੰਘ ਸਿੱਧੂ) ਪਿੰਡ ਗੰਗੂਵਾਲ ਵਾਸੀਆਂ ਵੱਲੋਂ ਮੁੱਖ ਪਿੰਡ ਦੇ ਸਹਿਯੋਗ ਨਾਲ ਹੜ੍ਹ ਪ੍ਰਭਾਵਿਤ ਇਲਾਕਿਆਂ ਵਿੱਚ ਰਾਸ਼ਨ ਸਮੱਗਰੀ ਦੇ ਬਿਸਕੁਟ, ਦਸ ਥੈਲੀਆਂ ਦੁੱਧ, ਪਾਣੀ ਦੀਆਂ ਬੋਤਲਾਂ ਅਤੇ ਹੋਰ ਲੋੜੀਂਦਾ ਸਮਾਨ ਪਹੁੰਚਾਇਆ ਗਿਆ।
ਕੈਬਨਿਟ ਮੰਤਰੀ ਮੁੰਡੀਆਂ ਵੱਲੋਂ ਹਲਕਾ ਸਾਹਨੇਵਾਲ ਦੇ ਹੜ੍ਹ ਪ੍ਰਭਾਵਿਤ ਪਿੰਡਾਂ ਨੂੰ ਵੱਡੀ ਰਾਹਤ ਸਮੱਗਰੀ
ਮੁੱਖ ਮੰਤਰੀ ਪੰਜਾਬ ਦੇ ਨਿਰਦੇਸ਼ਾਂ ਤਹਿਤ ਹੜ੍ਹ ਪ੍ਰਭਾਵਿਤ ਇਲਾਕਿਆਂ ਲਈ ਮੱਦਦ ਜਾਰੀ ਰਹੇਗੀ - ਹਰਦੀਪ ਸਿੰਘ ਮੁੰਡੀਆਂ
ਕੁਹਾੜਾ/ ਸਾਹਨੇਵਾਲ, 2 ਸਤੰਬਰ (ਅਵਤਾਰ ਸਿੰਘ ਗਰੇਵਾਲ) - ਮੁੱਖ ਮੰਤਰੀ ਪੰਜਾਬ ਦੇ ਨਿਰਦੇਸ਼ਾਂ ਤਹਿਤ ਕੈਬਨਿਟ ਮੰਤਰੀ ਹਰਦੀਪ ਸਿੰਘ ਮੁੰਡੀਆਂ ਵੱਲੋਂ ਹਲਕਾ ਸਾਹਨੇਵਾਲ ਦੇ ਹੜ੍ਹ ਪ੍ਰਭਾਵਿਤ ਪਿੰਡਾਂ ਨੂੰ ਵੱਡੀ ਰਾਹਤ ਸਮੱਗਰੀ ਭੇਜੀ ਗਈ। ਉਨ੍ਹਾਂ ਕਿਹਾ ਕਿ ਪੰਜਾਬ ਸਰਕਾਰ ਹੜ੍ਹ ਪੀੜਤਾਂ ਦੇ ਨਾਲ ਖੜੀ ਹੈ। ਕੁਹਾੜਾ/ ਸਾਹਨੇਵਾਲ, 2 ਸਤੰਬਰ (ਅਵਤਾਰ ਸਿੰਘ ਗਰੇਵਾਲ) - ਮੁੱਖ ਮੰਤਰੀ ਪੰਜਾਬ ਦੇ ਨਿਰਦੇਸ਼ਾਂ ਤਹਿਤ ਕੈਬਨਿਟ ਮੰਤਰੀ ਹਰਦੀਪ ਸਿੰਘ ਮੁੰਡੀਆਂ ਵੱਲੋਂ ਹਲਕਾ ਸਾਹਨੇਵਾਲ ਦੇ ਹੜ੍ਹ ਪ੍ਰਭਾਵਿਤ ਪਿੰਡਾਂ ਨੂੰ ਵੱਡੀ ਰਾਹਤ ਸਮੱਗਰੀ ਭੇਜੀ ਗਈ। ਉਨ੍ਹਾਂ ਕਿਹਾ ਕਿ ਪੰਜਾਬ ਸਰਕਾਰ ਹੜ੍ਹ ਪੀੜਤਾਂ ਦੇ ਨਾਲ ਖੜੀ ਹੈ।
ਕੁਹਾੜਾ/ ਸਾਹਨੇਵਾਲ, 2 ਸਤੰਬਰ (ਅਵਤਾਰ ਸਿੰਘ ਗਰੇਵਾਲ) - ਮੁੱਖ ਮੰਤਰੀ ਪੰਜਾਬ ਦੇ ਨਿਰਦੇਸ਼ਾਂ ਤਹਿਤ ਕੈਬਨਿਟ ਮੰਤਰੀ ਹਰਦੀਪ ਸਿੰਘ ਮੁੰਡੀਆਂ ਵੱਲੋਂ ਹਲਕਾ ਸਾਹਨੇਵਾਲ ਦੇ ਹੜ੍ਹ ਪ੍ਰਭਾਵਿਤ ਪਿੰਡਾਂ ਨੂੰ ਵੱਡੀ ਰਾਹਤ ਸਮੱਗਰੀ ਭੇਜੀ ਗਈ। ਉਨ੍ਹਾਂ ਕਿਹਾ ਕਿ ਪੰਜਾਬ ਸਰਕਾਰ ਹੜ੍ਹ ਪੀੜਤਾਂ ਦੇ ਨਾਲ ਖੜੀ ਹੈ। ਕੁਹਾੜਾ/ ਸਾਹਨੇਵਾਲ, 2 ਸਤੰਬਰ (ਅਵਤਾਰ ਸਿੰਘ ਗਰੇਵਾਲ) - ਮੁੱਖ ਮੰਤਰੀ ਪੰਜਾਬ ਦੇ ਨਿਰਦੇਸ਼ਾਂ ਤਹਿਤ ਕੈਬਨਿਟ ਮੰਤਰੀ ਹਰਦੀਪ ਸਿੰਘ ਮੁੰਡੀਆਂ ਵੱਲੋਂ ਹਲਕਾ ਸਾਹਨੇਵਾਲ ਦੇ ਹੜ੍ਹ ਪ੍ਰਭਾਵਿਤ ਪਿੰਡਾਂ ਨੂੰ ਵੱਡੀ ਰਾਹਤ ਸਮੱਗਰੀ ਭੇਜੀ ਗਈ। ਉਨ੍ਹਾਂ ਕਿਹਾ ਕਿ ਪੰਜਾਬ ਸਰਕਾਰ ਹੜ੍ਹ ਪੀੜਤਾਂ ਦੇ ਨਾਲ ਖੜੀ ਹੈ।
ਤਰਨਤਾਰਨ 2 ਸਤੰਬਰ (ਗਗਨਦੀਪ ਪ੍ਰਿੰਸ) ਜ਼ਿਲ੍ਹਾ ਤਰਨਤਾਰਨ ਅਧੀਨ ਆਉਂਦੇ ਹੜ੍ਹ ਪ੍ਰਭਾਵਿਤ ਪਿੰਡਾਂ ਵਿੱਚ ਜਾ ਕੇ ਹਲਕਾ ਪੱਟੀ ਤੋਂ ਕਾਂਗਰਸ ਪਾਰਟੀ ਦੇ ਚੇਅਰਮੈਨ ਭਾਗ ਸਿੰਘ ਚਕਵਾਲੀਆ ਨੇ ਲੋਕਾਂ ਦਾ ਦੁੱਖ ਵੰਡਾਇਆ। ਨੂੰ ਸਰਕਾਰ ਘਰ ਬਣਾ ਕੇ ਦੇਵੇ ਅਤੇ ਮਜ਼ਦੂਰ ਲੋਕ ਦਿਹਾੜੀ ਕਰਨ ਤੋਂ ਵਿਹਲੇ ਬੈਠੇ ਉਨ੍ਹਾਂ ਦੇ ਖਾਤਿਆਂ ਵਿਚ ਸਰਕਾਰ ਪੈਸੇ ਪਾਵੇਤਰਨਤਾਰਨ 2 ਸਤੰਬਰ (ਗਗਨਦੀਪ ਪ੍ਰਿੰਸ) ਜ਼ਿਲ੍ਹਾ ਤਰਨਤਾਰਨ ਅਧੀਨ ਆਉਂਦੇ ਹੜ੍ਹ ਪ੍ਰਭਾਵਿਤ ਪਿੰਡਾਂ ਵਿੱਚ ਜਾ ਕੇ ਹਲਕਾ ਪੱਟੀ ਤੋਂ ਕਾਂਗਰਸ ਪਾਰਟੀ ਦੇ ਚੇਅਰਮੈਨ ਭਾਗ ਸਿੰਘ ਚਕਵਾਲੀਆ ਨੇ ਲੋਕਾਂ ਦਾ ਦੁੱਖ ਵੰਡਾਇਆ। ਨੂੰ ਸਰਕਾਰ ਘਰ ਬਣਾ ਕੇ ਦੇਵੇ ਅਤੇ ਮਜ਼ਦੂਰ ਲੋਕ ਦਿਹਾੜੀ ਕਰਨ ਤੋਂ ਵਿਹਲੇ ਬੈਠੇ ਉਨ੍ਹਾਂ ਦੇ ਖਾਤਿਆਂ ਵਿਚ ਸਰਕਾਰ ਪੈਸੇ ਪਾਵੇ
ਐਜੂਕੇਟ ਪੰਜਾਬ ਪ੍ਰੋਜੈਕਟ ਵੱਲੋਂ ਹੜ੍ਹ ਪੀੜਿਤ ਏਰੀਏ ਵਿੱਚ ਪਿਛਲੇ
10 ਦਿਨਾਂ ਤੋਂ ਸੇਵਾਵਾਂ ਜਾਰੀ : ਭਾਈ ਜਸਵਿੰਦਰ ਸਿੰਘ ਇੰਗਲੈਂਡ
ਮੋਗਾ 2 ਸਤੰਬਰ (ਜਗਜੀਤ ਸਿੰਘ ਖਾਲਸਾ) ਐਜੂਕੇਟ ਪੰਜਾਬ ਪ੍ਰੋਜੈਕਟ ਵੱਲੋਂ ਹੜ੍ਹ ਪੀੜਿਤ ਏਰੀਏ ਵਿੱਚ ਪਿਛਲੇ 10 ਦਿਨਾਂ ਤੋਂ ਸੇਵਾਵਾਂ ਜਾਰੀ ਹਨ। ਸਿੰਘ ਇੰਗਲੈਂਡ ਨੇ ਦੱਸਿਆ ਕਿ ਸਾਡੀ ਟੀਮ ਫਿਰੋਜ਼ਪੁਰ ਦੇ ਪਿੰਡਾਂ ਵਿੱਚ ਪੀੜਤ ਪਰਿਵਾਰਾਂ ਨੂੰ ਲੋੜੀਂਦਾ ਸਮਾਨ ਪਹੁੰਚਾ ਰਹੀ ਹੈ। ਮੋਗਾ 2 ਸਤੰਬਰ (ਜਗਜੀਤ ਸਿੰਘ ਖਾਲਸਾ) ਐਜੂਕੇਟ ਪੰਜਾਬ ਪ੍ਰੋਜੈਕਟ ਵੱਲੋਂ ਹੜ੍ਹ ਪੀੜਿਤ ਏਰੀਏ ਵਿੱਚ ਪਿਛਲੇ 10 ਦਿਨਾਂ ਤੋਂ ਸੇਵਾਵਾਂ ਜਾਰੀ ਹਨ। ਸਿੰਘ ਇੰਗਲੈਂਡ ਨੇ ਦੱਸਿਆ ਕਿ ਸਾਡੀ ਟੀਮ ਫਿਰੋਜ਼ਪੁਰ ਦੇ ਪਿੰਡਾਂ ਵਿੱਚ ਪੀੜਤ ਪਰਿਵਾਰਾਂ ਨੂੰ ਲੋੜੀਂਦਾ ਸਮਾਨ ਪਹੁੰਚਾ ਰਹੀ ਹੈ।
ਮੋਗਾ 2 ਸਤੰਬਰ (ਜਗਜੀਤ ਸਿੰਘ ਖਾਲਸਾ) ਐਜੂਕੇਟ ਪੰਜਾਬ ਪ੍ਰੋਜੈਕਟ ਵੱਲੋਂ ਹੜ੍ਹ ਪੀੜਿਤ ਏਰੀਏ ਵਿੱਚ ਪਿਛਲੇ 10 ਦਿਨਾਂ ਤੋਂ ਸੇਵਾਵਾਂ ਜਾਰੀ ਹਨ। ਸਿੰਘ ਇੰਗਲੈਂਡ ਨੇ ਦੱਸਿਆ ਕਿ ਸਾਡੀ ਟੀਮ ਫਿਰੋਜ਼ਪੁਰ ਦੇ ਪਿੰਡਾਂ ਵਿੱਚ ਪੀੜਤ ਪਰਿਵਾਰਾਂ ਨੂੰ ਲੋੜੀਂਦਾ ਸਮਾਨ ਪਹੁੰਚਾ ਰਹੀ ਹੈ। ਮੋਗਾ 2 ਸਤੰਬਰ (ਜਗਜੀਤ ਸਿੰਘ ਖਾਲਸਾ) ਐਜੂਕੇਟ ਪੰਜਾਬ ਪ੍ਰੋਜੈਕਟ ਵੱਲੋਂ ਹੜ੍ਹ ਪੀੜਿਤ ਏਰੀਏ ਵਿੱਚ ਪਿਛਲੇ 10 ਦਿਨਾਂ ਤੋਂ ਸੇਵਾਵਾਂ ਜਾਰੀ ਹਨ। ਸਿੰਘ ਇੰਗਲੈਂਡ ਨੇ ਦੱਸਿਆ ਕਿ ਸਾਡੀ ਟੀਮ ਫਿਰੋਜ਼ਪੁਰ ਦੇ ਪਿੰਡਾਂ ਵਿੱਚ ਪੀੜਤ ਪਰਿਵਾਰਾਂ ਨੂੰ ਲੋੜੀਂਦਾ ਸਮਾਨ ਪਹੁੰਚਾ ਰਹੀ ਹੈ।
ਮੋਗਾ 2 ਸਤੰਬਰ (ਜਗਜੀਤ ਸਿੰਘ ਖਾਲਸਾ) ਐਜੂਕੇਟ ਪੰਜਾਬ ਪ੍ਰੋਜੈਕਟ ਵੱਲੋਂ ਹੜ੍ਹ ਪੀੜਿਤ ਏਰੀਏ ਵਿੱਚ ਪਿਛਲੇ 10 ਦਿਨਾਂ ਤੋਂ ਸੇਵਾਵਾਂ ਜਾਰੀ ਹਨ। ਸਿੰਘ ਇੰਗਲੈਂਡ ਨੇ ਦੱਸਿਆ ਕਿ ਸਾਡੀ ਟੀਮ ਫਿਰੋਜ਼ਪੁਰ ਦੇ ਪਿੰਡਾਂ ਵਿੱਚ ਪੀੜਤ ਪਰਿਵਾਰਾਂ ਨੂੰ ਲੋੜੀਂਦਾ ਸਮਾਨ ਪਹੁੰਚਾ ਰਹੀ ਹੈ।
ਸਿਵਲ ਸਰਜਨ ਰੂਪਨਗਰ ਵੱਲੋਂ ਪਿੰਡ ਵੱਡਪੁਰ ਵਿਖੇ ਲੱਗੇ ਸਿਹਤ ਕੈਂਪ ਦਾ ਦੌਰਾ ਕਰ ਹੜ੍ਹ ਦੀ ਸਥਿਤੀ ਦਾ ਜਾਇਜ਼ਾ ਲਿਆ ਅਤੇ ਬਚਾਅ ਕਾਰਜਾਂ ਲਈ ਮੈਡੀਕਲ ਟੀਮਾਂ ਲਗਾਈਆਂ
ਸ੍ਰੀ ਅਨੰਦਪੁਰ ਸਾਹਿਬ 2 ਸਤੰਬਰ (ਦਵਿੰਦਰਪਾਲ) ਸਿਵਲ ਸਰਜਨ ਰੂਪਨਗਰ ਡਾ. ਸੁਖਵਿੰਦਰਜੀਤ ਸਿੰਘ ਵੱਲੋਂ ਪਿੰਡ ਵੱਡਪੁਰ ਵਿਖੇ ਲੱਗੇ ਸਿਹਤ ਕੈਂਪ ਦਾ ਦੌਰਾ ਕੀਤਾ ਗਿਆ ਅਤੇ ਹੜ੍ਹ ਦੀ ਸਥਿਤੀ ਦਾ ਜਾਇਜ਼ਾ ਲਿਆ ਗਿਆ। ਉਨ੍ਹਾਂ ਕਿਹਾ ਕਿ ਮੈਡੀਕਲ ਟੀਮਾਂ ਚੌਵੀ ਘੰਟੇ ਤਾਇਨਾਤ ਹਨ। ਸ੍ਰੀ ਅਨੰਦਪੁਰ ਸਾਹਿਬ 2 ਸਤੰਬਰ (ਦਵਿੰਦਰਪਾਲ) ਸਿਵਲ ਸਰਜਨ ਰੂਪਨਗਰ ਡਾ. ਸੁਖਵਿੰਦਰਜੀਤ ਸਿੰਘ ਵੱਲੋਂ ਪਿੰਡ ਵੱਡਪੁਰ ਵਿਖੇ ਲੱਗੇ ਸਿਹਤ ਕੈਂਪ ਦਾ ਦੌਰਾ ਕੀਤਾ ਗਿਆ ਅਤੇ ਹੜ੍ਹ ਦੀ ਸਥਿਤੀ ਦਾ ਜਾਇਜ਼ਾ ਲਿਆ ਗਿਆ। ਉਨ੍ਹਾਂ ਕਿਹਾ ਕਿ ਮੈਡੀਕਲ ਟੀਮਾਂ ਚੌਵੀ ਘੰਟੇ ਤਾਇਨਾਤ ਹਨ। ਸ੍ਰੀ ਅਨੰਦਪੁਰ ਸਾਹਿਬ 2 ਸਤੰਬਰ (ਦਵਿੰਦਰਪਾਲ) ਸਿਵਲ ਸਰਜਨ ਰੂਪਨਗਰ ਡਾ. ਸੁਖਵਿੰਦਰਜੀਤ ਸਿੰਘ ਵੱਲੋਂ ਪਿੰਡ ਵੱਡਪੁਰ ਵਿਖੇ ਲੱਗੇ ਸਿਹਤ ਕੈਂਪ ਦਾ ਦੌਰਾ ਕੀਤਾ ਗਿਆ ਅਤੇ ਹੜ੍ਹ ਦੀ ਸਥਿਤੀ ਦਾ ਜਾਇਜ਼ਾ ਲਿਆ ਗਿਆ। ਉਨ੍ਹਾਂ ਕਿਹਾ ਕਿ ਮੈਡੀਕਲ ਟੀਮਾਂ ਚੌਵੀ ਘੰਟੇ ਤਾਇਨਾਤ ਹਨ। ਸ੍ਰੀ ਅਨੰਦਪੁਰ ਸਾਹਿਬ 2 ਸਤੰਬਰ (ਦਵਿੰਦਰਪਾਲ) ਸਿਵਲ ਸਰਜਨ ਰੂਪਨਗਰ ਡਾ. ਸੁਖਵਿੰਦਰਜੀਤ ਸਿੰਘ ਵੱਲੋਂ ਪਿੰਡ ਵੱਡਪੁਰ ਵਿਖੇ ਲੱਗੇ ਸਿਹਤ ਕੈਂਪ ਦਾ ਦੌਰਾ ਕੀਤਾ ਗਿਆ ਅਤੇ ਹੜ੍ਹ ਦੀ ਸਥਿਤੀ ਦਾ ਜਾਇਜ਼ਾ ਲਿਆ ਗਿਆ। ਉਨ੍ਹਾਂ ਕਿਹਾ ਕਿ ਮੈਡੀਕਲ ਟੀਮਾਂ ਚੌਵੀ ਘੰਟੇ ਤਾਇਨਾਤ ਹਨ।
ਹੜ੍ਹਾਂ ਦੀ ਮਾਰ ਦੀ ਭਰਪਾਈ ਕਰਨ ਲਈ ਪੰਜਾਬ ਨੂੰ ਵਿਸ਼ੇਸ ਪੈਕੇਜ ਦੇਵੇ ਕੇਂਦਰ ਸਰਕਾਰ : ਐਡਵੋਕੇਟ ਉੱਤਮ
ਸਰਕਾਰ ਨੇ ਸਮਾਂ ਰਹਿੰਦਿਆਂ ਸਾਰਥਕ ਕਦਮ ਚੁੱਕੇ ਹੁੰਦੇ ਤਾਂ ਇਨਾ ਭਿਆਨਕ ਮੰਜ਼ਰ ਨਾ ਦੇਖਣਾ ਪੈਂਦਾ
ਮਾਨਸਾ, 2 ਸਤੰਬਰ (ਜਗਤਾਰ ਸਿੰਘ) ਕੌਮੀ ਸਿਆਸੀ ਪਾਰਟੀ ਦੇ ਸੂਬਾ ਆਗੂ ਐਡਵੋਕੇਟ ਉੱਤਮ ਸਿੰਘ ਨੇ ਕਿਹਾ ਕਿ ਹੜ੍ਹਾਂ ਦੀ ਮਾਰ ਦੀ ਭਰਪਾਈ ਕਰਨ ਲਈ ਕੇਂਦਰ ਸਰਕਾਰ ਪੰਜਾਬ ਨੂੰ ਵਿਸ਼ੇਸ ਪੈਕੇਜ ਦੇਵੇ। ਮੀਤ ਨਾਲ ਦੁਕਾਨਾਂ ਅਤੇ ਘਰਾਂ ਦਾ ਨੁਕਸਾਨ ਹੋਇਆ ਹੈ ਅਤੇ 6000/ਰੁਪਏ ਕਰਨ ਲਈ ਮੰਗ ਕੀਤੀ।
ਮਾਨਸਾ, 2 ਸਤੰਬਰ (ਜਗਤਾਰ ਸਿੰਘ) ਕੌਮੀ ਸਿਆਸੀ ਪਾਰਟੀ ਦੇ ਸੂਬਾ ਆਗੂ ਐਡਵੋਕੇਟ ਉੱਤਮ ਸਿੰਘ ਨੇ ਕਿਹਾ ਕਿ ਹੜ੍ਹਾਂ ਦੀ ਮਾਰ ਦੀ ਭਰਪਾਈ ਕਰਨ ਲਈ ਕੇਂਦਰ ਸਰਕਾਰ ਪੰਜਾਬ ਨੂੰ ਵਿਸ਼ੇਸ ਪੈਕੇਜ ਦੇਵੇ। ਮੀਤ ਨਾਲ ਦੁਕਾਨਾਂ ਅਤੇ ਘਰਾਂ ਦਾ ਨੁਕਸਾਨ ਹੋਇਆ ਹੈ ਅਤੇ 6000/ਰੁਪਏ ਕਰਨ ਲਈ ਮੰਗ ਕੀਤੀ। ਮਾਨਸਾ, 2 ਸਤੰਬਰ (ਜਗਤਾਰ ਸਿੰਘ) ਕੌਮੀ ਸਿਆਸੀ ਪਾਰਟੀ ਦੇ ਸੂਬਾ ਆਗੂ ਐਡਵੋਕੇਟ ਉੱਤਮ ਸਿੰਘ ਨੇ ਕਿਹਾ ਕਿ ਹੜ੍ਹਾਂ ਦੀ ਮਾਰ ਦੀ ਭਰਪਾਈ ਕਰਨ ਲਈ ਕੇਂਦਰ ਸਰਕਾਰ ਪੰਜਾਬ ਨੂੰ ਵਿਸ਼ੇਸ ਪੈਕੇਜ ਦੇਵੇ। ਮੀਤ ਨਾਲ ਦੁਕਾਨਾਂ ਅਤੇ ਘਰਾਂ ਦਾ ਨੁਕਸਾਨ ਹੋਇਆ ਹੈ ਅਤੇ 6000/ਰੁਪਏ ਕਰਨ ਲਈ ਮੰਗ ਕੀਤੀ।
